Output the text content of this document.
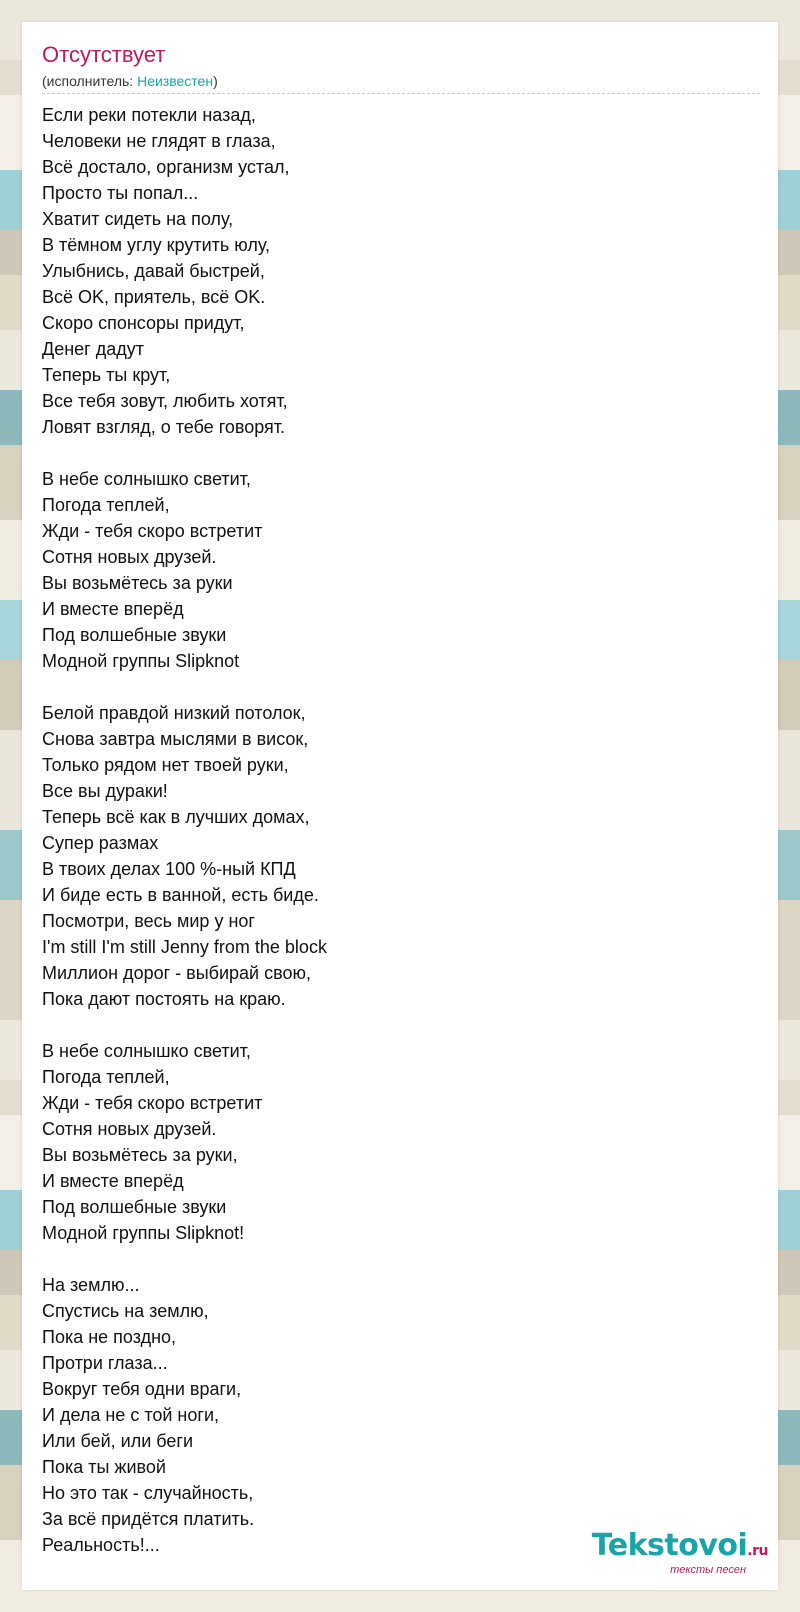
Отсутствует
(исполнитель: Неизвестен)
Если реки потекли назад,
Человеки не глядят в глаза,
Всё достало, организм устал,
Просто ты попал...
Хватит сидеть на полу,
В тёмном углу крутить юлу,
Улыбнись, давай быстрей,
Всё OK, приятель, всё OK.
Скоро спонсоры придут,
Денег дадут
Теперь ты крут,
Все тебя зовут, любить хотят,
Ловят взгляд, о тебе говорят.
В небе солнышко светит,
Погода теплей,
Жди - тебя скоро встретит
Сотня новых друзей.
Вы возьмётесь за руки
И вместе вперёд
Под волшебные звуки
Модной группы Slipknot
Белой правдой низкий потолок,
Снова завтра мыслями в висок,
Только рядом нет твоей руки,
Все вы дураки!
Теперь всё как в лучших домах,
Супер размах
В твоих делах 100 %-ный КПД
И биде есть в ванной, есть биде.
Посмотри, весь мир у ног
I'm still I'm still Jenny from the block
Миллион дорог - выбирай свою,
Пока дают постоять на краю.
В небе солнышко светит,
Погода теплей,
Жди - тебя скоро встретит
Сотня новых друзей.
Вы возьмётесь за руки,
И вместе вперёд
Под волшебные звуки
Модной группы Slipknot!
На землю...
Спустись на землю,
Пока не поздно,
Протри глаза...
Вокруг тебя одни враги,
И дела не с той ноги,
Или бей, или беги
Пока ты живой
Но это так - случайность,
За всё придётся платить.
Реальность!...	Tekstovoi.ru
тексты песен
